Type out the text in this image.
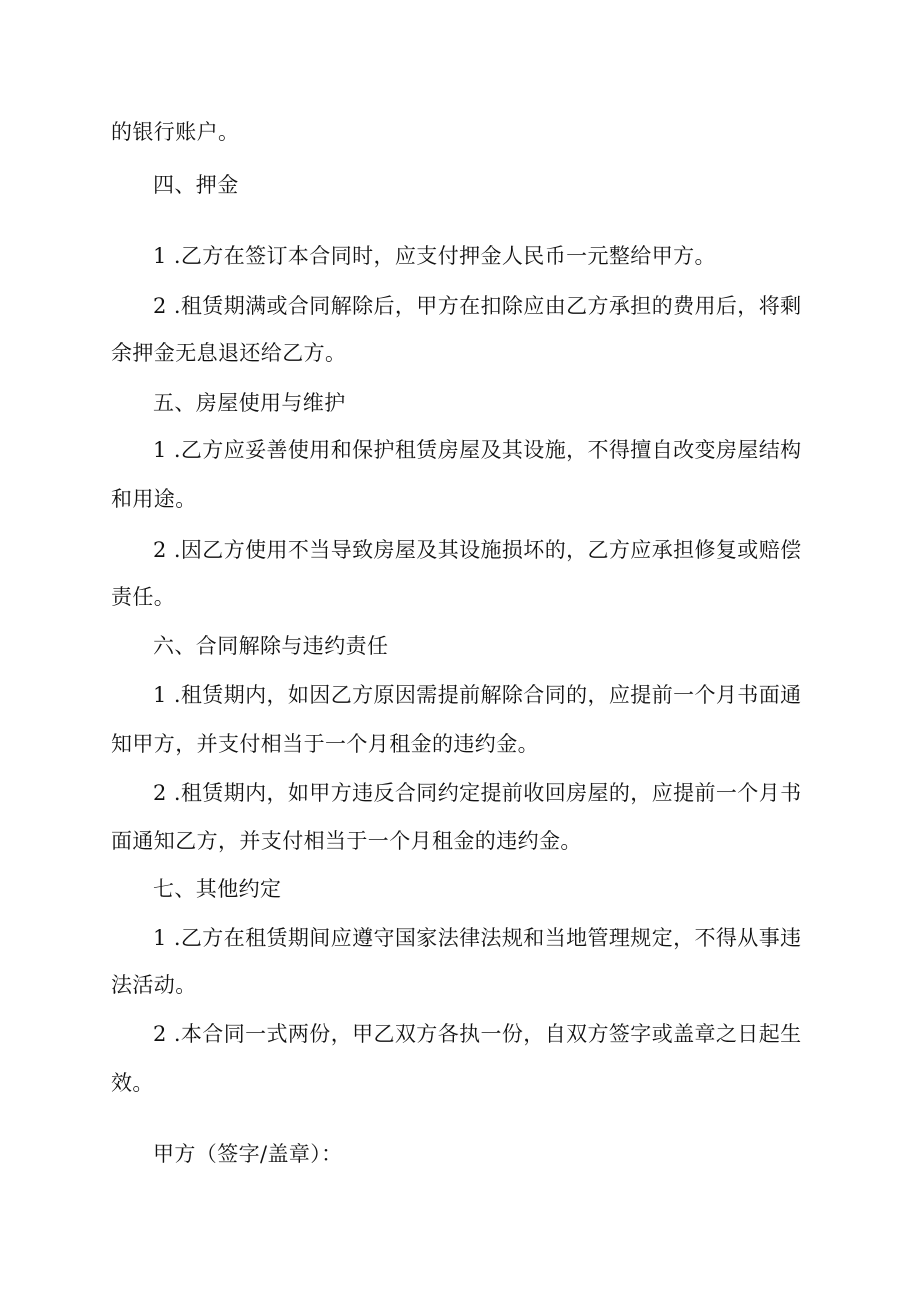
的银行账户。
四、押金
1 .乙方在签订本合同时，应支付押金人民币一元整给甲方。
2 .租赁期满或合同解除后，甲方在扣除应由乙方承担的费用后，将剩
余押金无息退还给乙方。
五、房屋使用与维护
1 .乙方应妥善使用和保护租赁房屋及其设施，不得擅自改变房屋结构
和用途。
2 .因乙方使用不当导致房屋及其设施损坏的，乙方应承担修复或赔偿
责任。
六、合同解除与违约责任
1 .租赁期内，如因乙方原因需提前解除合同的，应提前一个月书面通
知甲方，并支付相当于一个月租金的违约金。
2 .租赁期内，如甲方违反合同约定提前收回房屋的，应提前一个月书
面通知乙方，并支付相当于一个月租金的违约金。
七、其他约定
1 .乙方在租赁期间应遵守国家法律法规和当地管理规定，不得从事违
法活动。
2 .本合同一式两份，甲乙双方各执一份，自双方签字或盖章之日起生
效。
甲方（签字/盖章）：
